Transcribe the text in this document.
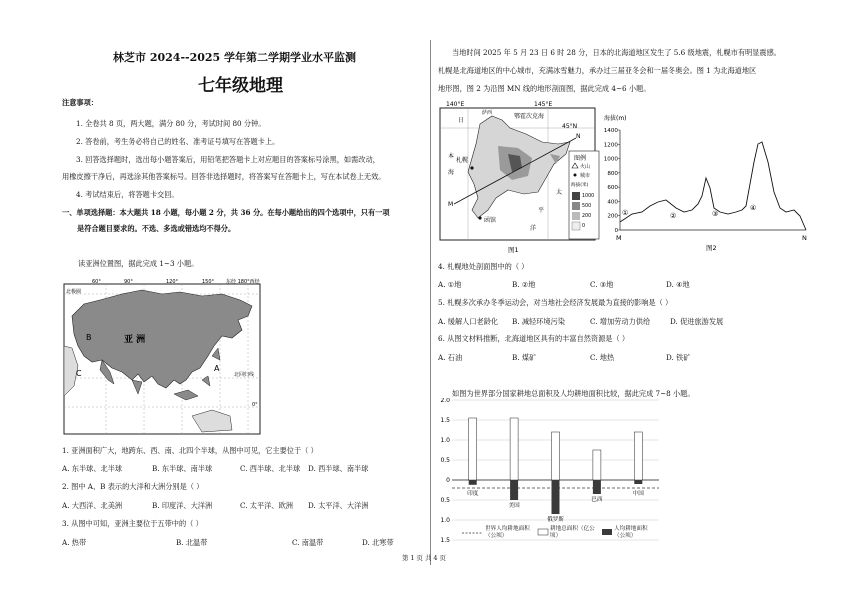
林芝市 2024--2025 学年第二学期学业水平监测
七年级地理
注意事项：
1. 全卷共 8 页，两大题，满分 80 分，考试时间 80 分钟。
2. 答卷前，考生务必将自己的姓名、准考证号填写在答题卡上。
3. 回答选择题时，选出每小题答案后，用铅笔把答题卡上对应题目的答案标号涂黑，如需改动，
用橡皮擦干净后，再选涂其他答案标号。回答非选择题时，将答案写在答题卡上，写在本试卷上无效。
4. 考试结束后，将答题卡交回。
一、单项选择题：本大题共 18 小题，每小题 2 分，共 36 分。在每小题给出的四个选项中，只有一项
是符合题目要求的。不选、多选或错选均不得分。
读亚洲位置图，据此完成 1~3 小题。
60°	90°	120°	150° 东经 180°西经
北极圈
北回归线
0°
亚 洲
A
B
C
1. 亚洲面积广大，地跨东、西、南、北四个半球，从图中可见，它主要位于（ ）
A. 东半球、北半球	B. 东半球、南半球	C. 西半球、北半球 D. 西半球、南半球
2. 图中 A、B 表示的大洋和大洲分别是（ ）
A. 大西洋、北美洲	B. 印度洋、大洋洲	C. 太平洋、欧洲 D. 太平洋、大洋洲
3. 从图中可知，亚洲主要位于五带中的（ ）
A. 热带	B. 北温带	C. 南温带	D. 北寒带
当地时间 2025 年 5 月 23 日 6 时 28 分，日本的北海道地区发生了 5.6 级地震，札幌市有明显震感。
札幌是北海道地区的中心城市，充满冰雪魅力，承办过三届亚冬会和一届冬奥会。图 1 为北海道地区
地形图，图 2 为沿图 MN 线的地形剖面图，据此完成 4~6 小题。
140°E	145°E
45°N
日
本
海
鄂霍次克海
萨西
太
平
洋
札幌
函馆
M
N
图1
图例
火山
城市
海拔(米)
1000
500
200
0
海拔(m)
1400
1200
1000
800
600
400
200
0
①	②	③
④
M	N
图2
4. 札幌地处剖面图中的（ ）
A. ①地	B. ②地	C. ③地	D. ④地
5. 札幌多次承办冬季运动会，对当地社会经济发展最为直接的影响是（ ）
A. 缓解人口老龄化 B. 减轻环境污染	C. 增加劳动力供给	D. 促进旅游发展
6. 从图文材料推断，北海道地区具有的丰富自然资源是（ ）
A. 石油	B. 煤矿	C. 地热	D. 铁矿
如图为世界部分国家耕地总面积及人均耕地面积比较，据此完成 7~8 小题。
2.0
1.5
1.0
0.5
0
0.5
1.0
1.5
印度
美国
俄罗斯
巴西
中国
世界人均耕地面积（公顷）
耕地总面积（亿公顷）
人均耕地面积（公顷）
第 1 页 共 4 页
